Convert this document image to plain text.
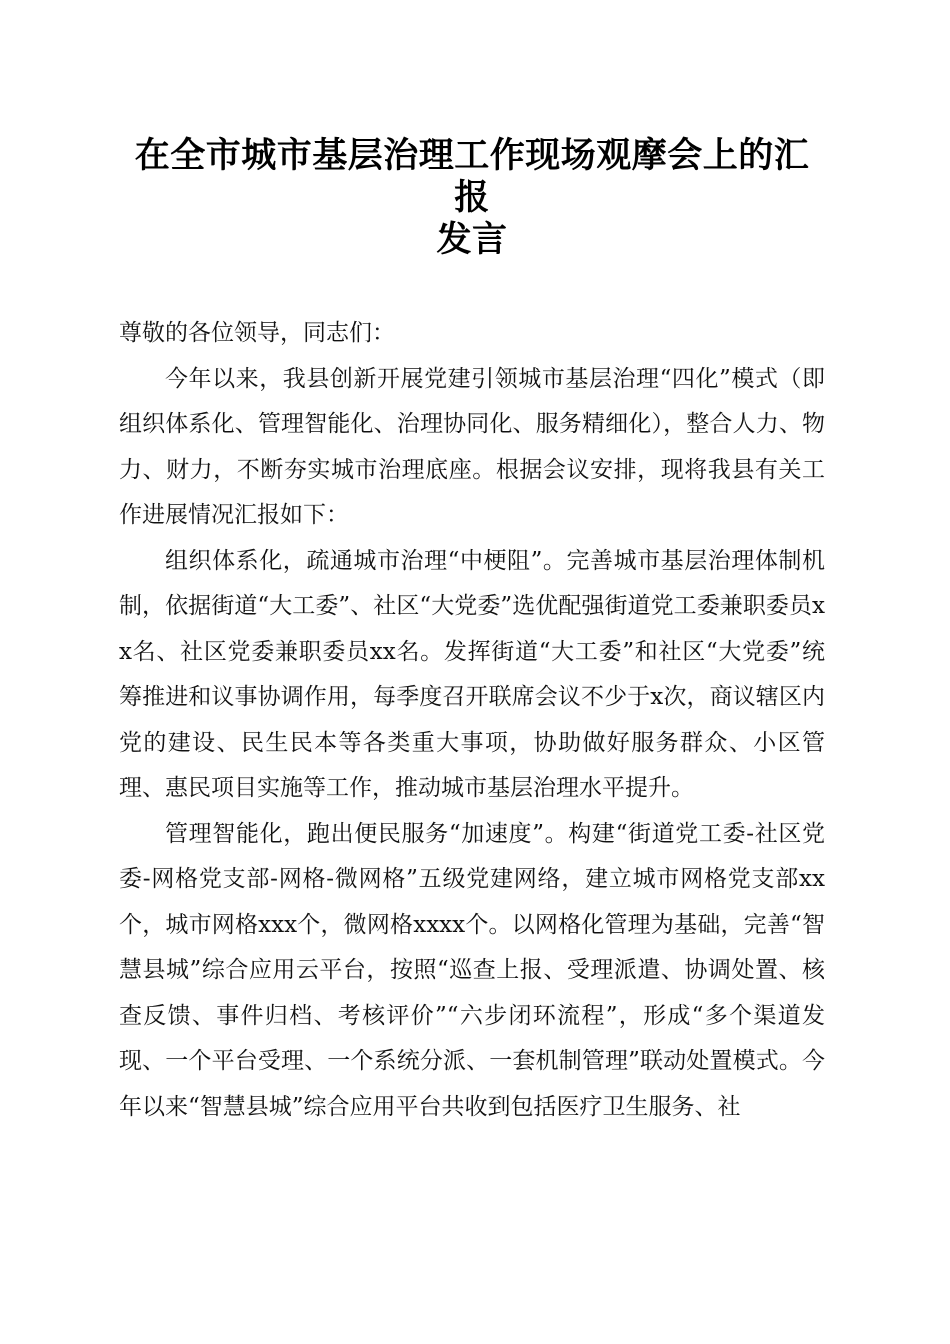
在全市城市基层治理工作现场观摩会上的汇报
发言

尊敬的各位领导，同志们：

今年以来，我县创新开展党建引领城市基层治理“四化”模式（即组织体系化、管理智能化、治理协同化、服务精细化），整合人力、物力、财力，不断夯实城市治理底座。根据会议安排，现将我县有关工作进展情况汇报如下：

组织体系化，疏通城市治理“中梗阻”。完善城市基层治理体制机制，依据街道“大工委”、社区“大党委”选优配强街道党工委兼职委员xx名、社区党委兼职委员xx名。发挥街道“大工委”和社区“大党委”统筹推进和议事协调作用，每季度召开联席会议不少于x次，商议辖区内党的建设、民生民本等各类重大事项，协助做好服务群众、小区管理、惠民项目实施等工作，推动城市基层治理水平提升。

管理智能化，跑出便民服务“加速度”。构建“街道党工委-社区党委-网格党支部-网格-微网格”五级党建网络，建立城市网格党支部xx个，城市网格xxx个，微网格xxxx个。以网格化管理为基础，完善“智慧县城”综合应用云平台，按照“巡查上报、受理派遣、协调处置、核查反馈、事件归档、考核评价”“六步闭环流程”，形成“多个渠道发现、一个平台受理、一个系统分派、一套机制管理”联动处置模式。今年以来“智慧县城”综合应用平台共收到包括医疗卫生服务、社
